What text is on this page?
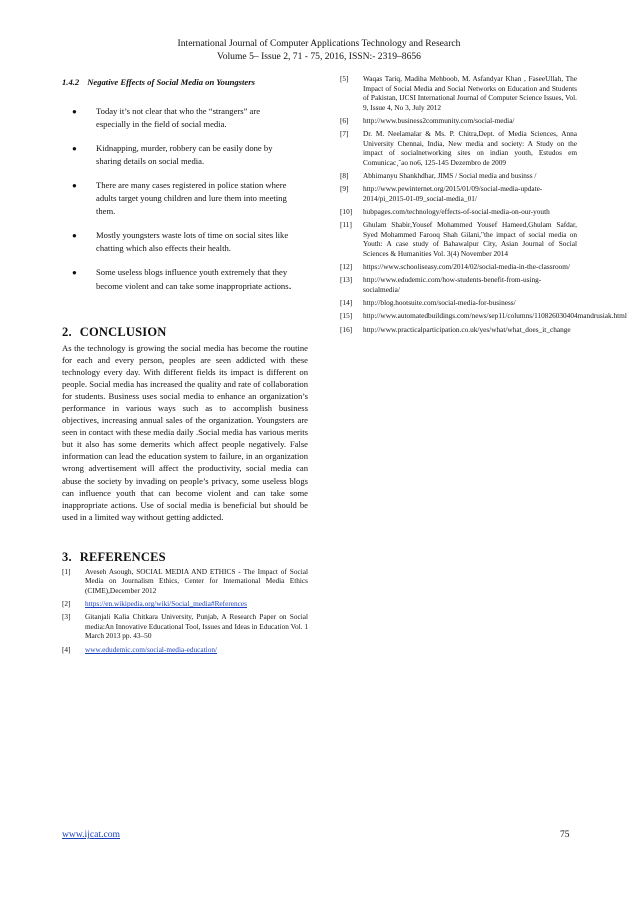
International Journal of Computer Applications Technology and Research
Volume 5– Issue 2, 71 - 75, 2016, ISSN:- 2319–8656
1.4.2 Negative Effects of Social Media on Youngsters
● Today it’s not clear that who the “strangers” are especially in the field of social media.
● Kidnapping, murder, robbery can be easily done by sharing details on social media.
● There are many cases registered in police station where adults target young children and lure them into meeting them.
● Mostly youngsters waste lots of time on social sites like chatting which also effects their health.
● Some useless blogs influence youth extremely that they become violent and can take some inappropriate actions.
2. CONCLUSION

As the technology is growing the social media has become the routine for each and every person, peoples are seen addicted with these technology every day. With different fields its impact is different on people. Social media has increased the quality and rate of collaboration for students. Business uses social media to enhance an organization’s performance in various ways such as to accomplish business objectives, increasing annual sales of the organization. Youngsters are seen in contact with these media daily .Social media has various merits but it also has some demerits which affect people negatively. False information can lead the education system to failure, in an organization wrong advertisement will affect the productivity, social media can abuse the society by invading on people’s privacy, some useless blogs can influence youth that can become violent and can take some inappropriate actions. Use of social media is beneficial but should be used in a limited way without getting addicted.

3. REFERENCES
[1] Aveseh Asough, SOCIAL MEDIA AND ETHICS - The Impact of Social Media on Journalism Ethics, Center for International Media Ethics (CIME),December 2012
[2] https://en.wikipedia.org/wiki/Social_media#References
[3] Gitanjali Kalia Chitkara University, Punjab, A Research Paper on Social media:An Innovative Educational Tool, Issues and Ideas in Education Vol. 1 March 2013 pp. 43–50
[4] www.edudemic.com/social-media-education/
[5] Waqas Tariq, Madiha Mehboob, M. Asfandyar Khan , FaseeUllah, The Impact of Social Media and Social Networks on Education and Students of Pakistan, IJCSI International Journal of Computer Science Issues, Vol. 9, Issue 4, No 3, July 2012
[6] http://www.business2community.com/social-media/
[7] Dr. M. Neelamalar & Ms. P. Chitra,Dept. of Media Sciences, Anna University Chennai, India, New media and society: A Study on the impact of socialnetworking sites on indian youth, Estudos em Comunicac¸˜ao no6, 125-145 Dezembro de 2009
[8] Abhimanyu Shankhdhar, JIMS / Social media and businss /
[9] http://www.pewinternet.org/2015/01/09/social-media-update-2014/pi_2015-01-09_social-media_01/
[10] hubpages.com/technology/effects-of-social-media-on-our-youth
[11] Ghulam Shabir,Yousef Mohammed Yousef Hameed,Ghulam Safdar, Syed Mohammed Farooq Shah Gilani,"the impact of social media on Youth: A case study of Bahawalpur City, Asian Journal of Social Sciences & Humanities Vol. 3(4) November 2014
[12] https://www.schooliseasy.com/2014/02/social-media-in-the-classroom/
[13] http://www.edudemic.com/how-students-benefit-from-using-socialmedia/
[14] http://blog.hootsuite.com/social-media-for-business/
[15] http://www.automatedbuildings.com/news/sep11/columns/110826030404mandrusiak.html
[16] http://www.practicalparticipation.co.uk/yes/what/what_does_it_change
www.ijcat.com	75
